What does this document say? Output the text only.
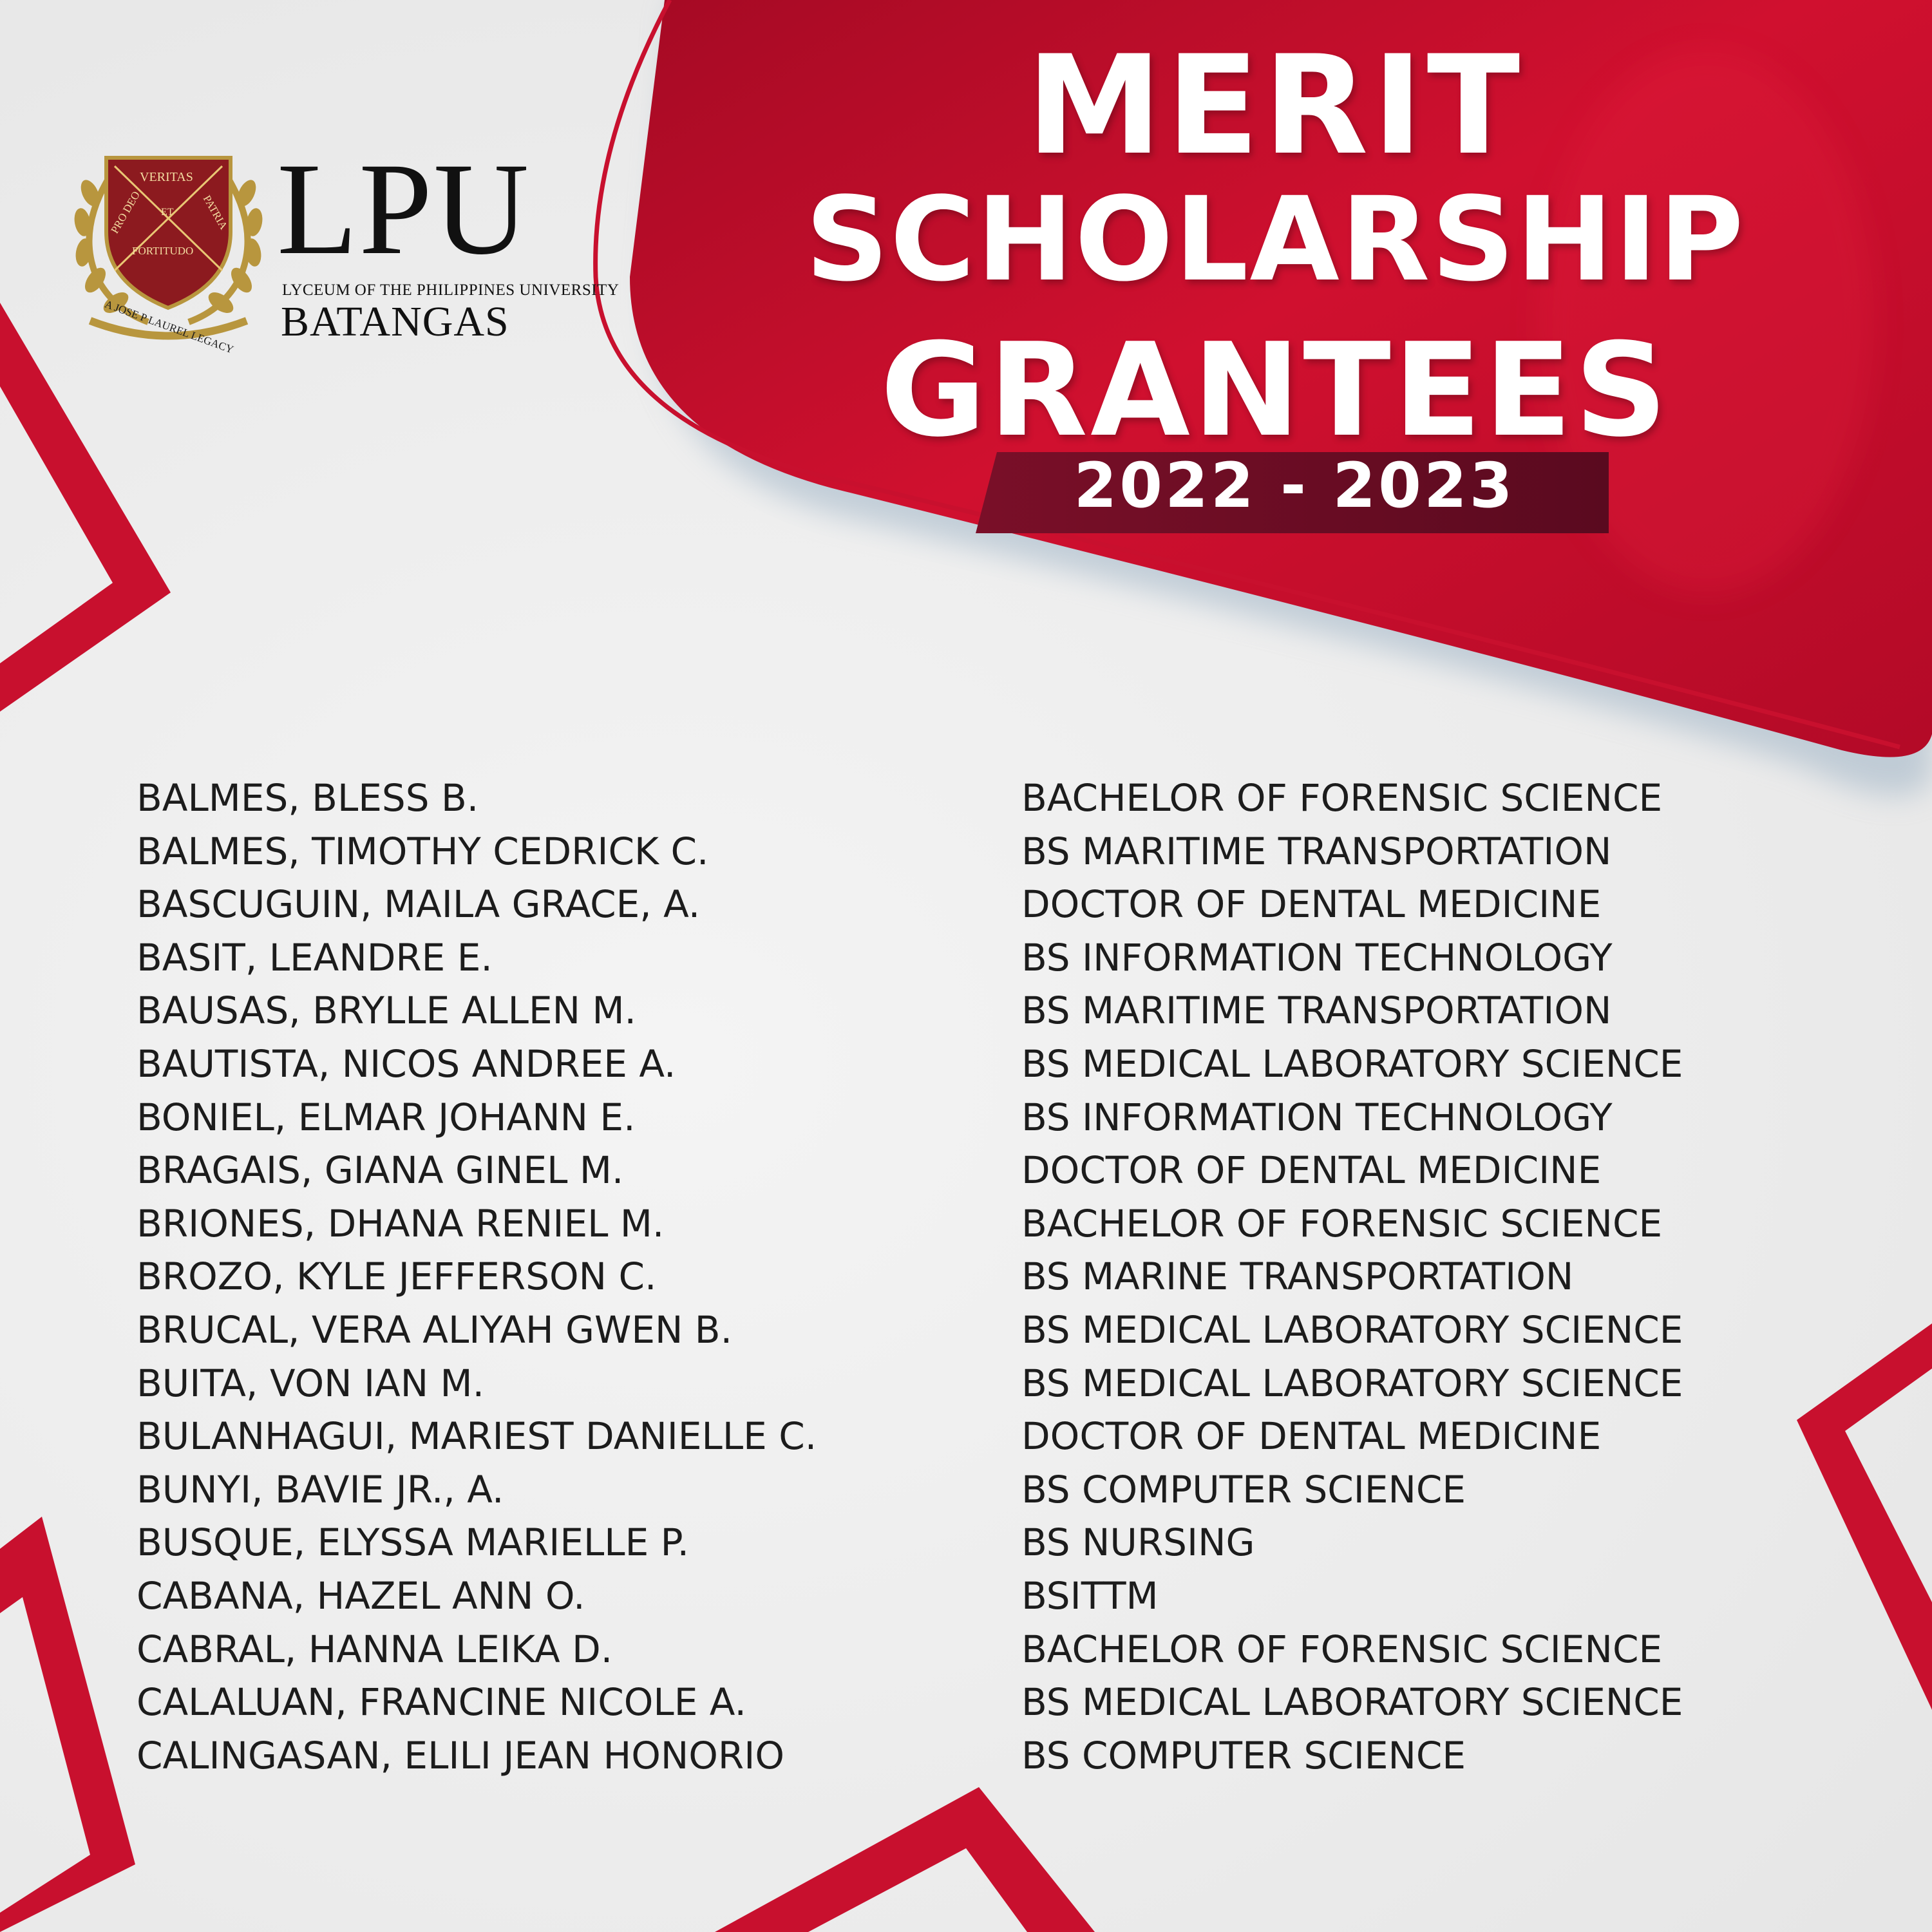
VERITAS
PRO DEO ET PATRIA
FORTITUDO
A JOSE P LAUREL LEGACY

LPU

LYCEUM OF THE PHILIPPINES UNIVERSITY

BATANGAS

MERIT
SCHOLARSHIP
GRANTEES

2022 - 2023

BALMES, BLESS B.
BALMES, TIMOTHY CEDRICK C.
BASCUGUIN, MAILA GRACE, A.
BASIT, LEANDRE E.
BAUSAS, BRYLLE ALLEN M.
BAUTISTA, NICOS ANDREE A.
BONIEL, ELMAR JOHANN E.
BRAGAIS, GIANA GINEL M.
BRIONES, DHANA RENIEL M.
BROZO, KYLE JEFFERSON C.
BRUCAL, VERA ALIYAH GWEN B.
BUITA, VON IAN M.
BULANHAGUI, MARIEST DANIELLE C.
BUNYI, BAVIE JR., A.
BUSQUE, ELYSSA MARIELLE P.
CABANA, HAZEL ANN O.
CABRAL, HANNA LEIKA D.
CALALUAN, FRANCINE NICOLE A.
CALINGASAN, ELILI JEAN HONORIO
BACHELOR OF FORENSIC SCIENCE
BS MARITIME TRANSPORTATION
DOCTOR OF DENTAL MEDICINE
BS INFORMATION TECHNOLOGY
BS MARITIME TRANSPORTATION
BS MEDICAL LABORATORY SCIENCE
BS INFORMATION TECHNOLOGY
DOCTOR OF DENTAL MEDICINE
BACHELOR OF FORENSIC SCIENCE
BS MARINE TRANSPORTATION
BS MEDICAL LABORATORY SCIENCE
BS MEDICAL LABORATORY SCIENCE
DOCTOR OF DENTAL MEDICINE
BS COMPUTER SCIENCE
BS NURSING
BSITTM
BACHELOR OF FORENSIC SCIENCE
BS MEDICAL LABORATORY SCIENCE
BS COMPUTER SCIENCE
